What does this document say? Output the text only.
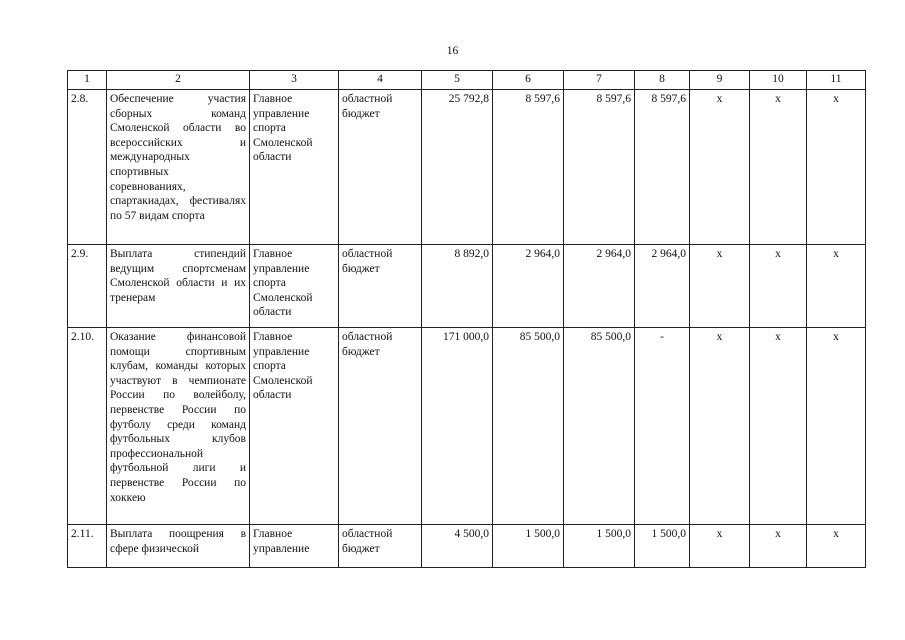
16
1	2	3	4	5	6	7	8	9	10	11
2.8.	Обеспечение участия сборных команд Смоленской области во всероссийских и международных спортивных соревнованиях, спартакиадах, фестивалях по 57 видам спорта	Главное управление спорта Смоленской области	областной бюджет	25 792,8	8 597,6	8 597,6	8 597,6	х	х	х
2.9.	Выплата стипендий ведущим спортсменам Смоленской области и их тренерам	Главное управление спорта Смоленской области	областной бюджет	8 892,0	2 964,0	2 964,0	2 964,0	х	х	х
2.10.	Оказание финансовой помощи спортивным клубам, команды которых участвуют в чемпионате России по волейболу, первенстве России по футболу среди команд футбольных клубов профессиональной футбольной лиги и первенстве России по хоккею	Главное управление спорта Смоленской области	областной бюджет	171 000,0	85 500,0	85 500,0	-	х	х	х
2.11.	Выплата поощрения в сфере физической	Главное управление	областной бюджет	4 500,0	1 500,0	1 500,0	1 500,0	х	х	х
